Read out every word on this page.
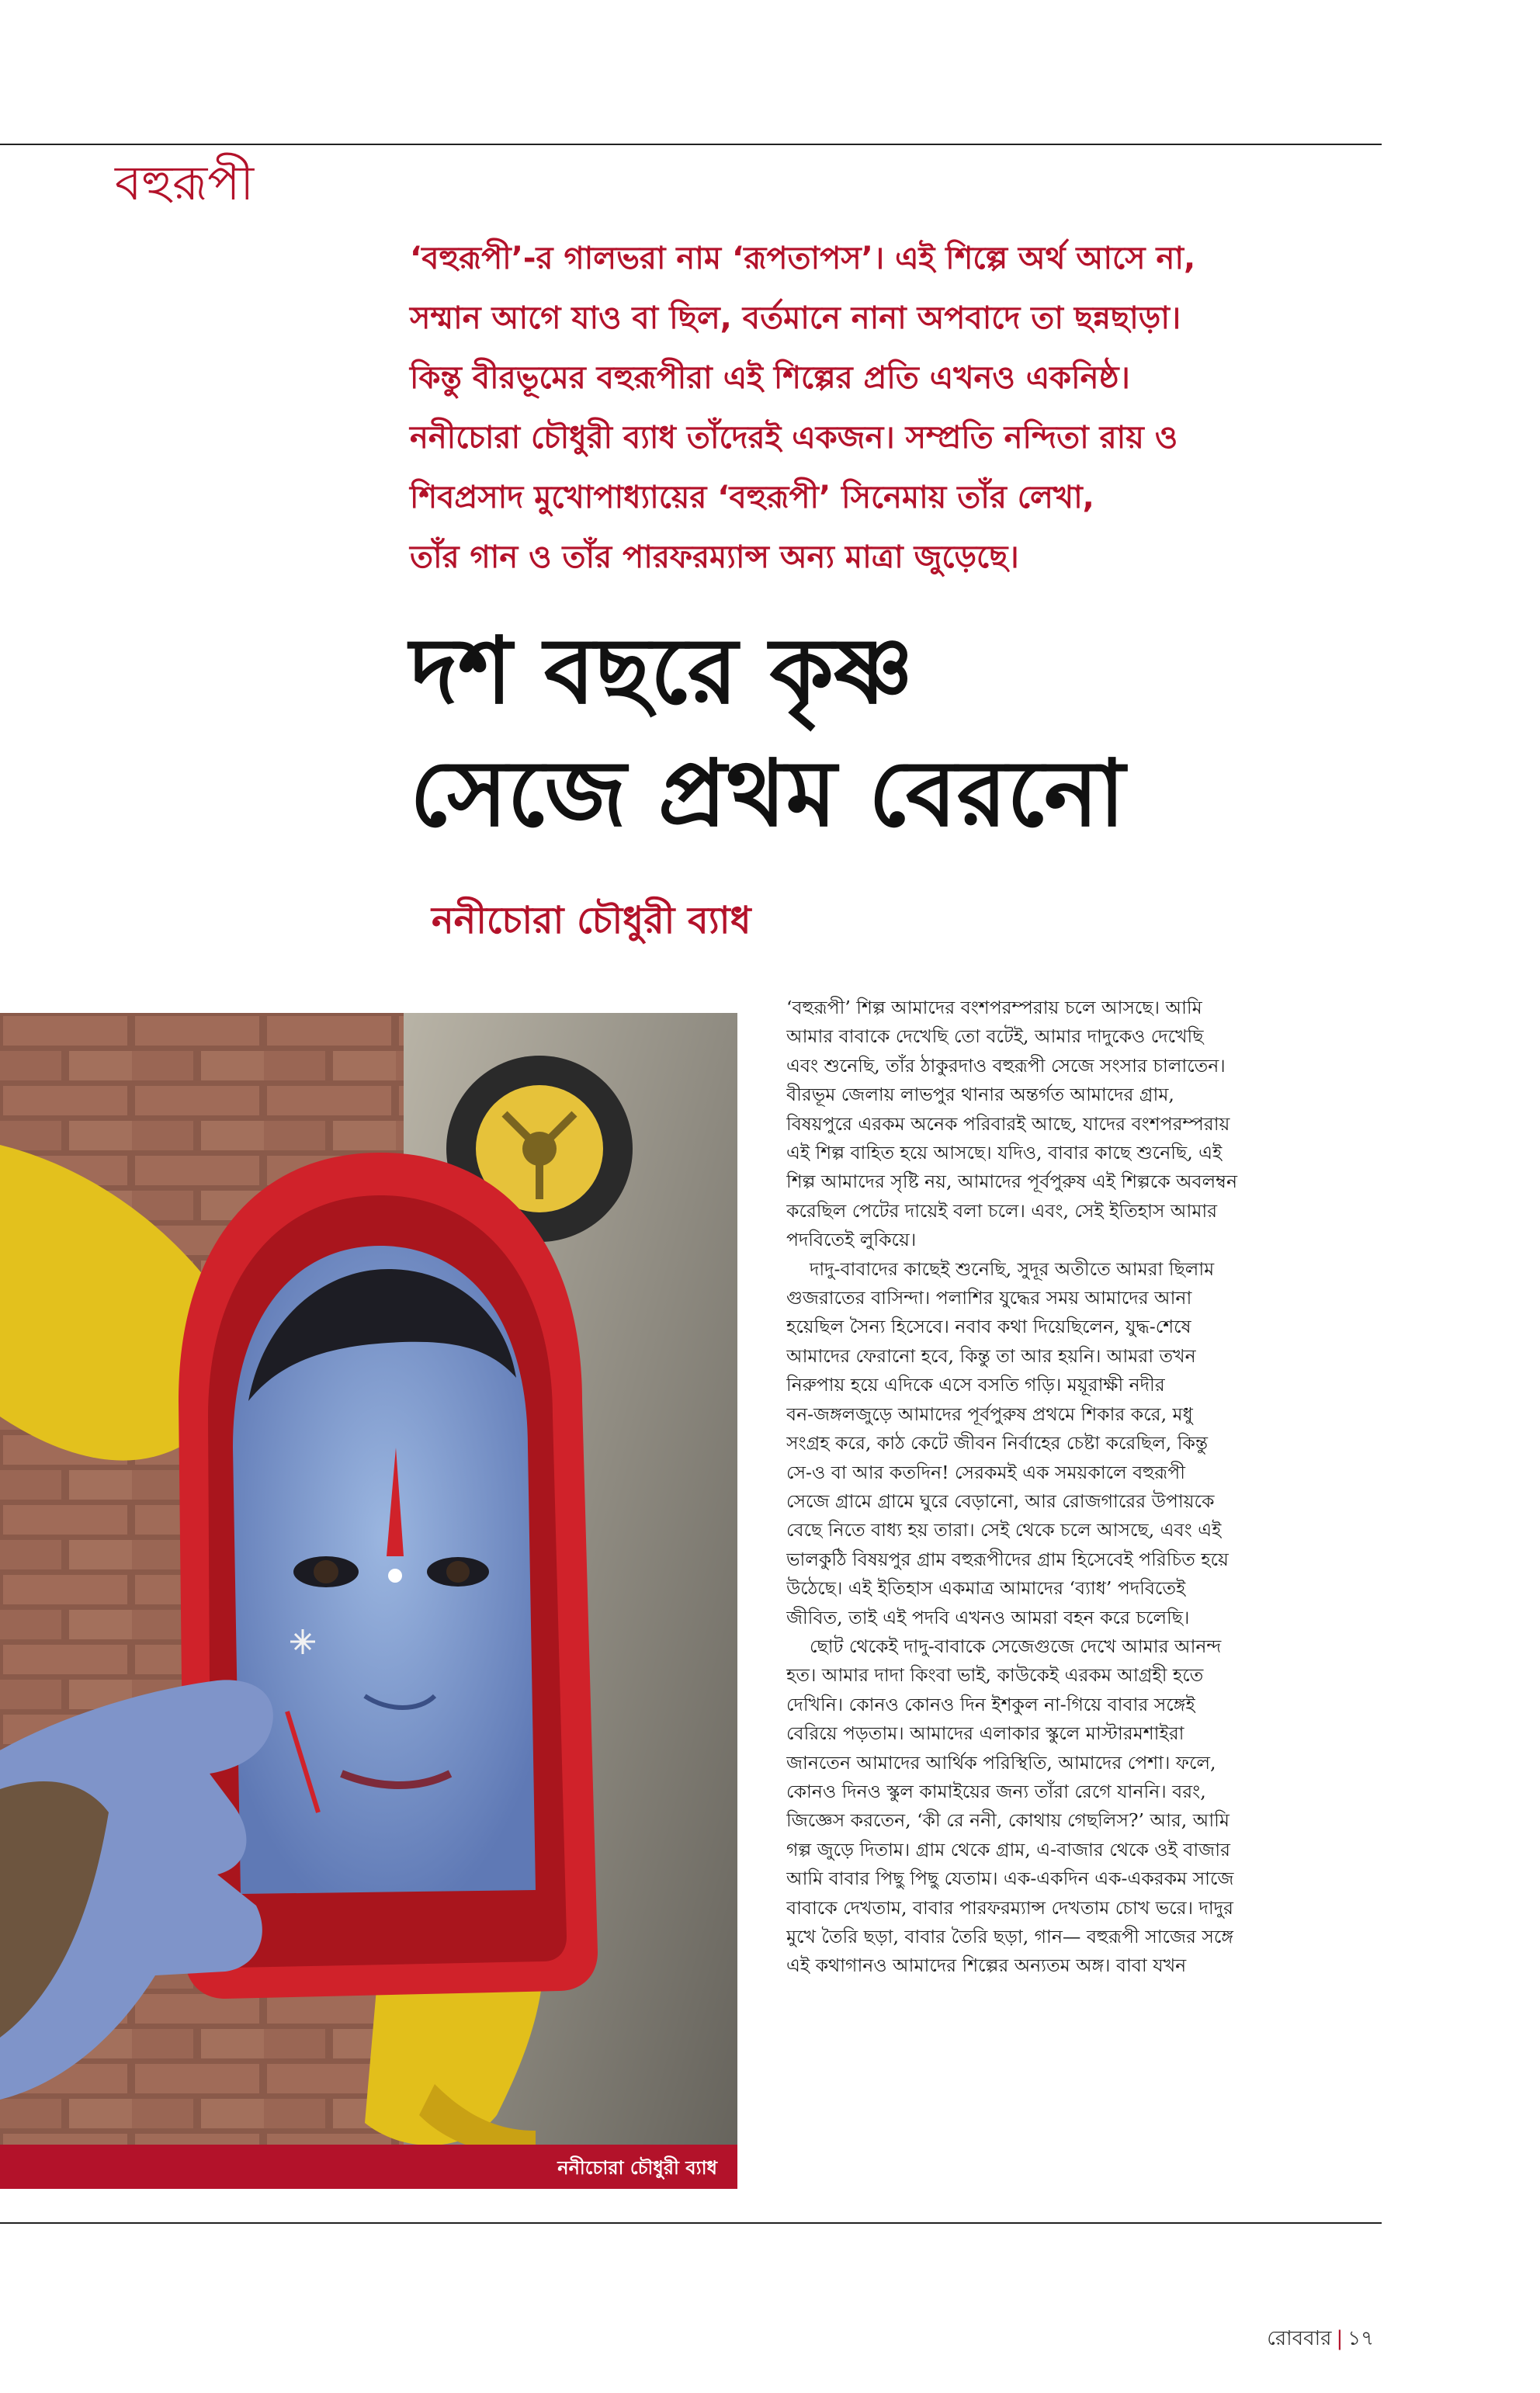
বহুরূপী
‘বহুরূপী’-র গালভরা নাম ‘রূপতাপস’। এই শিল্পে অর্থ আসে না,
সম্মান আগে যাও বা ছিল, বর্তমানে নানা অপবাদে তা ছন্নছাড়া।
কিন্তু বীরভূমের বহুরূপীরা এই শিল্পের প্রতি এখনও একনিষ্ঠ।
ননীচোরা চৌধুরী ব্যাধ তাঁদেরই একজন। সম্প্রতি নন্দিতা রায় ও
শিবপ্রসাদ মুখোপাধ্যায়ের ‘বহুরূপী’ সিনেমায় তাঁর লেখা,
তাঁর গান ও তাঁর পারফরম্যান্স অন্য মাত্রা জুড়েছে।
দশ বছরে কৃষ্ণ
সেজে প্রথম বেরনো
ননীচোরা চৌধুরী ব্যাধ
ননীচোরা চৌধুরী ব্যাধ
‘বহুরূপী’ শিল্প আমাদের বংশপরম্পরায় চলে আসছে। আমি
আমার বাবাকে দেখেছি তো বটেই, আমার দাদুকেও দেখেছি
এবং শুনেছি, তাঁর ঠাকুরদাও বহুরূপী সেজে সংসার চালাতেন।
বীরভূম জেলায় লাভপুর থানার অন্তর্গত আমাদের গ্রাম,
বিষয়পুরে এরকম অনেক পরিবারই আছে, যাদের বংশপরম্পরায়
এই শিল্প বাহিত হয়ে আসছে। যদিও, বাবার কাছে শুনেছি, এই
শিল্প আমাদের সৃষ্টি নয়, আমাদের পূর্বপুরুষ এই শিল্পকে অবলম্বন
করেছিল পেটের দায়েই বলা চলে। এবং, সেই ইতিহাস আমার
পদবিতেই লুকিয়ে।
দাদু-বাবাদের কাছেই শুনেছি, সুদূর অতীতে আমরা ছিলাম
গুজরাতের বাসিন্দা। পলাশির যুদ্ধের সময় আমাদের আনা
হয়েছিল সৈন্য হিসেবে। নবাব কথা দিয়েছিলেন, যুদ্ধ-শেষে
আমাদের ফেরানো হবে, কিন্তু তা আর হয়নি। আমরা তখন
নিরুপায় হয়ে এদিকে এসে বসতি গড়ি। ময়ূরাক্ষী নদীর
বন-জঙ্গলজুড়ে আমাদের পূর্বপুরুষ প্রথমে শিকার করে, মধু
সংগ্রহ করে, কাঠ কেটে জীবন নির্বাহের চেষ্টা করেছিল, কিন্তু
সে-ও বা আর কতদিন! সেরকমই এক সময়কালে বহুরূপী
সেজে গ্রামে গ্রামে ঘুরে বেড়ানো, আর রোজগারের উপায়কে
বেছে নিতে বাধ্য হয় তারা। সেই থেকে চলে আসছে, এবং এই
ভালকুঠি বিষয়পুর গ্রাম বহুরূপীদের গ্রাম হিসেবেই পরিচিত হয়ে
উঠেছে। এই ইতিহাস একমাত্র আমাদের ‘ব্যাধ’ পদবিতেই
জীবিত, তাই এই পদবি এখনও আমরা বহন করে চলেছি।
ছোট থেকেই দাদু-বাবাকে সেজেগুজে দেখে আমার আনন্দ
হত। আমার দাদা কিংবা ভাই, কাউকেই এরকম আগ্রহী হতে
দেখিনি। কোনও কোনও দিন ইশকুল না-গিয়ে বাবার সঙ্গেই
বেরিয়ে পড়তাম। আমাদের এলাকার স্কুলে মাস্টারমশাইরা
জানতেন আমাদের আর্থিক পরিস্থিতি, আমাদের পেশা। ফলে,
কোনও দিনও স্কুল কামাইয়ের জন্য তাঁরা রেগে যাননি। বরং,
জিজ্ঞেস করতেন, ‘কী রে ননী, কোথায় গেছলিস?’ আর, আমি
গল্প জুড়ে দিতাম। গ্রাম থেকে গ্রাম, এ-বাজার থেকে ওই বাজার
আমি বাবার পিছু পিছু যেতাম। এক-একদিন এক-একরকম সাজে
বাবাকে দেখতাম, বাবার পারফরম্যান্স দেখতাম চোখ ভরে। দাদুর
মুখে তৈরি ছড়া, বাবার তৈরি ছড়া, গান— বহুরূপী সাজের সঙ্গে
এই কথাগানও আমাদের শিল্পের অন্যতম অঙ্গ। বাবা যখন
রোববার | ১৭
